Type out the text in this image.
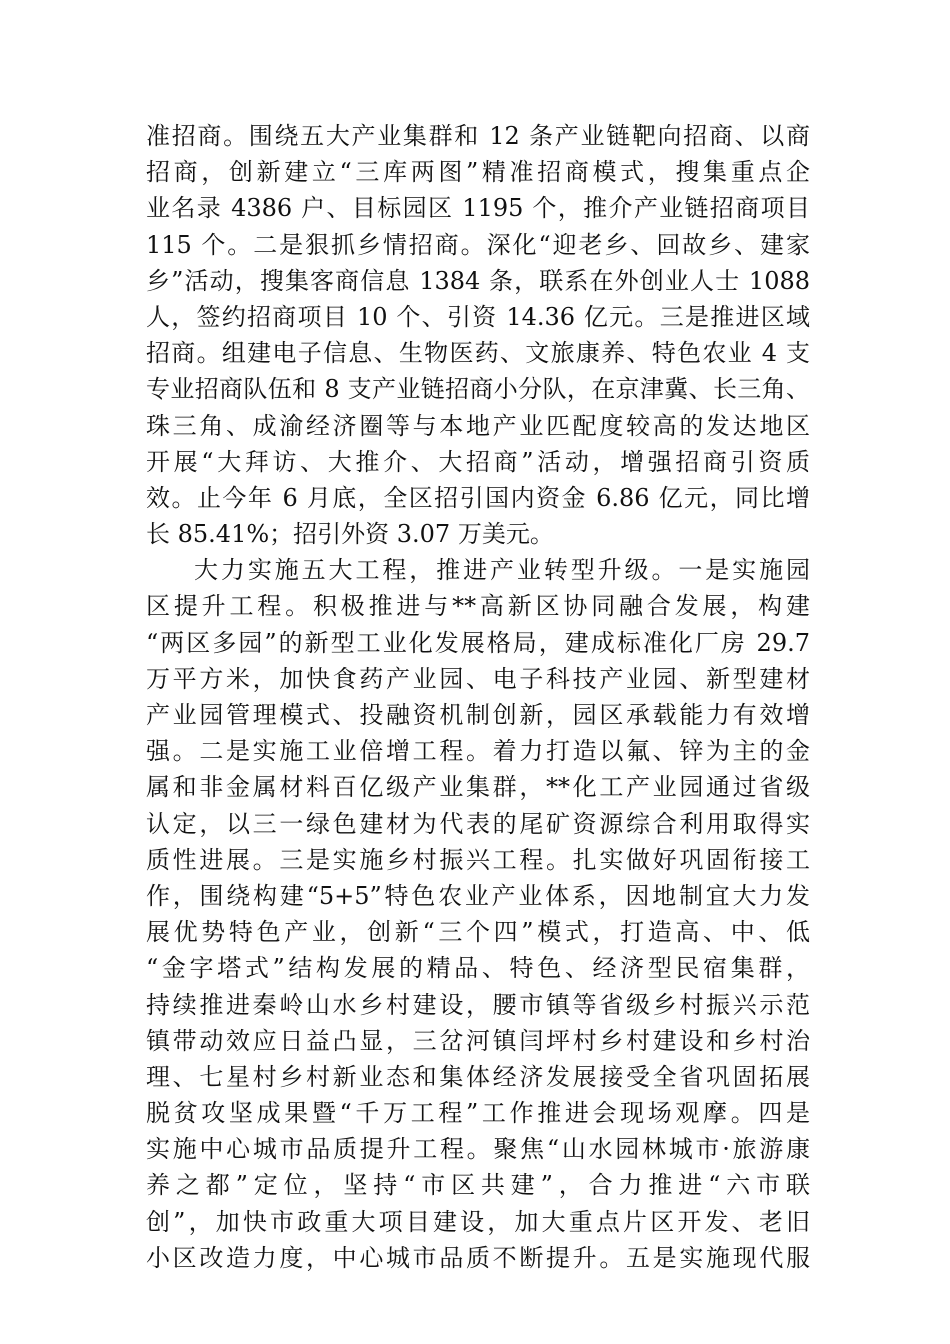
准招商。围绕五大产业集群和 12 条产业链靶向招商、以商
招商，创新建立“三库两图”精准招商模式，搜集重点企
业名录 4386 户、目标园区 1195 个，推介产业链招商项目
115 个。二是狠抓乡情招商。深化“迎老乡、回故乡、建家
乡”活动，搜集客商信息 1384 条，联系在外创业人士 1088
人，签约招商项目 10 个、引资 14.36 亿元。三是推进区域
招商。组建电子信息、生物医药、文旅康养、特色农业 4 支
专业招商队伍和 8 支产业链招商小分队，在京津冀、长三角、
珠三角、成渝经济圈等与本地产业匹配度较高的发达地区
开展“大拜访、大推介、大招商”活动，增强招商引资质
效。止今年 6 月底，全区招引国内资金 6.86 亿元，同比增
长 85.41%；招引外资 3.07 万美元。
大力实施五大工程，推进产业转型升级。一是实施园
区提升工程。积极推进与**高新区协同融合发展，构建
“两区多园”的新型工业化发展格局，建成标准化厂房 29.7
万平方米，加快食药产业园、电子科技产业园、新型建材
产业园管理模式、投融资机制创新，园区承载能力有效增
强。二是实施工业倍增工程。着力打造以氟、锌为主的金
属和非金属材料百亿级产业集群，**化工产业园通过省级
认定，以三一绿色建材为代表的尾矿资源综合利用取得实
质性进展。三是实施乡村振兴工程。扎实做好巩固衔接工
作，围绕构建“5+5”特色农业产业体系，因地制宜大力发
展优势特色产业，创新“三个四”模式，打造高、中、低
“金字塔式”结构发展的精品、特色、经济型民宿集群，
持续推进秦岭山水乡村建设，腰市镇等省级乡村振兴示范
镇带动效应日益凸显，三岔河镇闫坪村乡村建设和乡村治
理、七星村乡村新业态和集体经济发展接受全省巩固拓展
脱贫攻坚成果暨“千万工程”工作推进会现场观摩。四是
实施中心城市品质提升工程。聚焦“山水园林城市·旅游康
养之都”定位，坚持“市区共建”，合力推进“六市联
创”，加快市政重大项目建设，加大重点片区开发、老旧
小区改造力度，中心城市品质不断提升。五是实施现代服
